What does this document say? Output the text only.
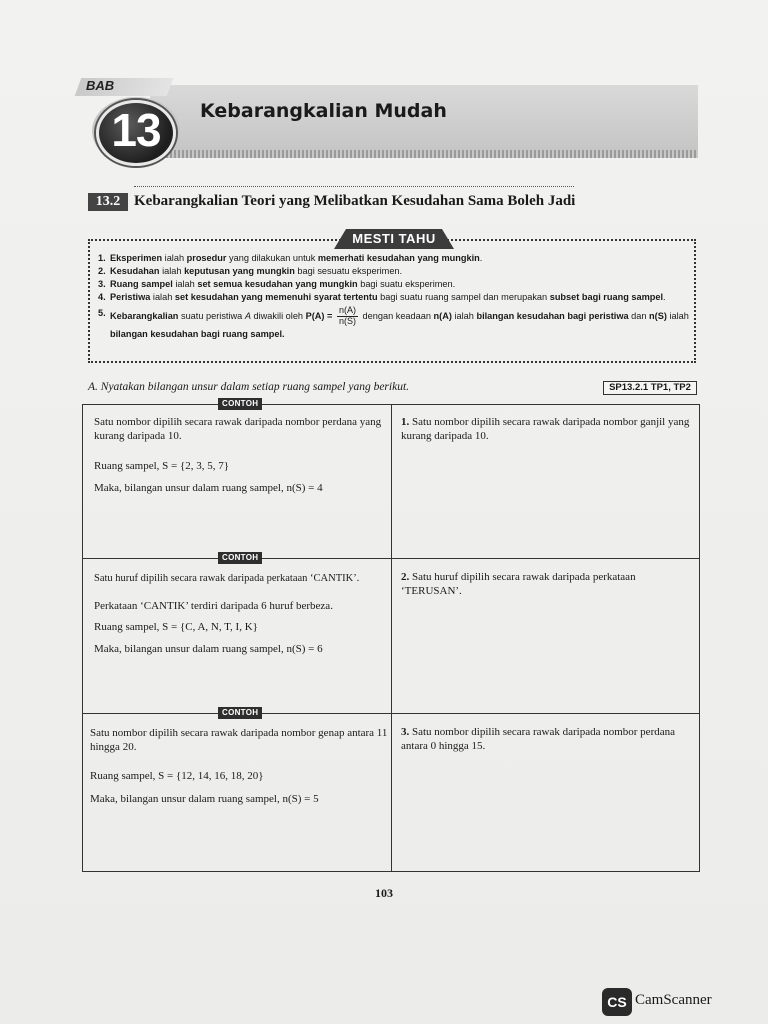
BAB
13	Kebarangkalian Mudah
13.2 Kebarangkalian Teori yang Melibatkan Kesudahan Sama Boleh Jadi
MESTI TAHU
1. Eksperimen ialah prosedur yang dilakukan untuk memerhati kesudahan yang mungkin.
2. Kesudahan ialah keputusan yang mungkin bagi sesuatu eksperimen.
3. Ruang sampel ialah set semua kesudahan yang mungkin bagi suatu eksperimen.
4. Peristiwa ialah set kesudahan yang memenuhi syarat tertentu bagi suatu ruang sampel dan merupakan subset bagi ruang sampel.
5. Kebarangkalian suatu peristiwa A diwakili oleh $P(A) = \frac{n(A)}{n(S)}$ dengan keadaan n(A) ialah bilangan kesudahan bagi peristiwa dan n(S) ialah bilangan kesudahan bagi ruang sampel.
A. Nyatakan bilangan unsur dalam setiap ruang sampel yang berikut.	SP13.2.1 TP1, TP2
CONTOH
CONTOH
CONTOH
Satu nombor dipilih secara rawak daripada nombor perdana yang kurang daripada 10.
Ruang sampel, S = {2, 3, 5, 7}
Maka, bilangan unsur dalam ruang sampel, n(S) = 4
Satu huruf dipilih secara rawak daripada perkataan ‘CANTIK’.
Perkataan ‘CANTIK’ terdiri daripada 6 huruf berbeza.
Ruang sampel, S = {C, A, N, T, I, K}
Maka, bilangan unsur dalam ruang sampel, n(S) = 6
Satu nombor dipilih secara rawak daripada nombor genap antara 11 hingga 20.
Ruang sampel, S = {12, 14, 16, 18, 20}
Maka, bilangan unsur dalam ruang sampel, n(S) = 5
1. Satu nombor dipilih secara rawak daripada nombor ganjil yang kurang daripada 10.
2. Satu huruf dipilih secara rawak daripada perkataan ‘TERUSAN’.
3. Satu nombor dipilih secara rawak daripada nombor perdana antara 0 hingga 15.
103
CS CamScanner
